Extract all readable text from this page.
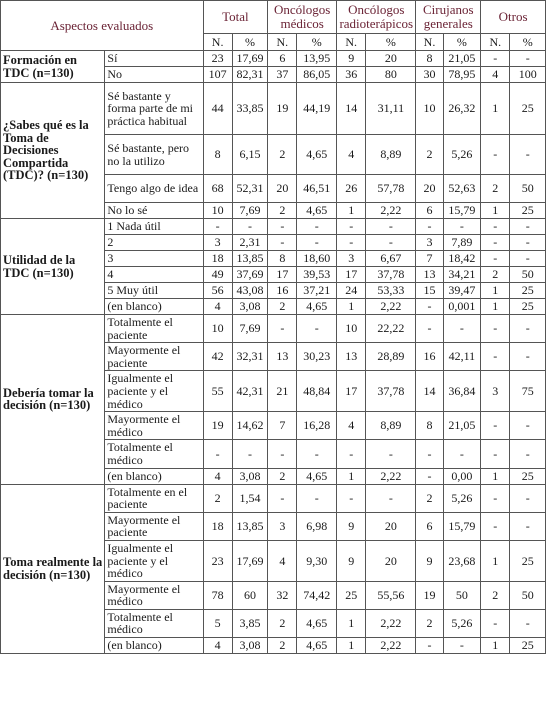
Aspectos evaluados		Total		Oncólogos médicos		Oncólogos radioterápicos		Cirujanos generales		Otros	
		N.	%	N.	%	N.	%	N.	%	N.	%
Formación en TDC (n=130)	Sí	23	17,69	6	13,95	9	20	8	21,05	-	-
	No	107	82,31	37	86,05	36	80	30	78,95	4	100
¿Sabes qué es la Toma de Decisiones Compartida (TDC)? (n=130)	Sé bastante y forma parte de mi práctica habitual	44	33,85	19	44,19	14	31,11	10	26,32	1	25
	Sé bastante, pero no la utilizo	8	6,15	2	4,65	4	8,89	2	5,26	-	-
	Tengo algo de idea	68	52,31	20	46,51	26	57,78	20	52,63	2	50
	No lo sé	10	7,69	2	4,65	1	2,22	6	15,79	1	25
Utilidad de la TDC (n=130)	1 Nada útil	-	-	-	-	-	-	-	-	-	-
	2	3	2,31	-	-	-	-	3	7,89	-	-
	3	18	13,85	8	18,60	3	6,67	7	18,42	-	-
	4	49	37,69	17	39,53	17	37,78	13	34,21	2	50
	5 Muy útil	56	43,08	16	37,21	24	53,33	15	39,47	1	25
	(en blanco)	4	3,08	2	4,65	1	2,22	-	0,001	1	25
Debería tomar la decisión (n=130)	Totalmente el paciente	10	7,69	-	-	10	22,22	-	-	-	-
	Mayormente el paciente	42	32,31	13	30,23	13	28,89	16	42,11	-	-
	Igualmente el paciente y el médico	55	42,31	21	48,84	17	37,78	14	36,84	3	75
	Mayormente el médico	19	14,62	7	16,28	4	8,89	8	21,05	-	-
	Totalmente el médico	-	-	-	-	-	-	-	-	-	-
	(en blanco)	4	3,08	2	4,65	1	2,22	-	0,00	1	25
Toma realmente la decisión (n=130)	Totalmente en el paciente	2	1,54	-	-	-	-	2	5,26	-	-
	Mayormente el paciente	18	13,85	3	6,98	9	20	6	15,79	-	-
	Igualmente el paciente y el médico	23	17,69	4	9,30	9	20	9	23,68	1	25
	Mayormente el médico	78	60	32	74,42	25	55,56	19	50	2	50
	Totalmente el médico	5	3,85	2	4,65	1	2,22	2	5,26	-	-
	(en blanco)	4	3,08	2	4,65	1	2,22	-	-	1	25
